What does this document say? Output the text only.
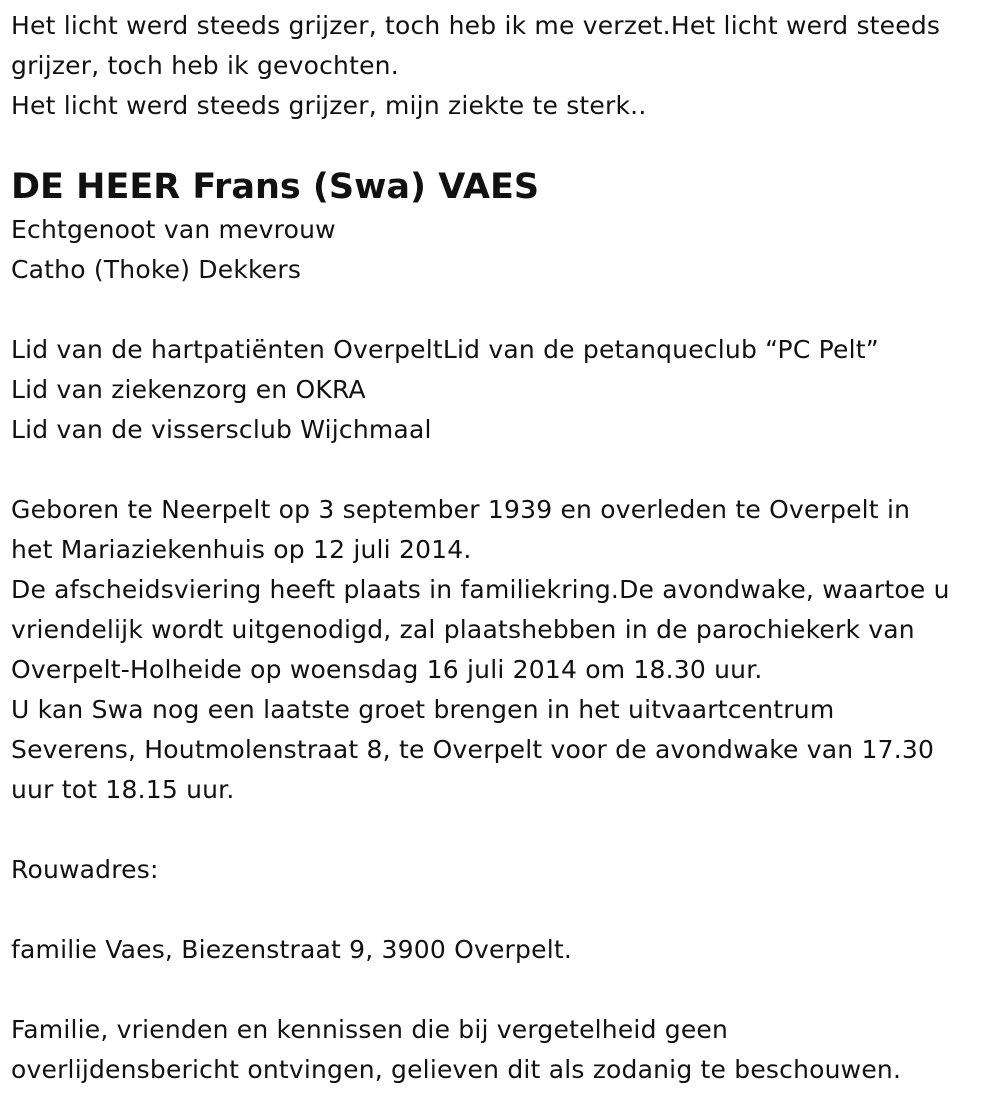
Het licht werd steeds grijzer, toch heb ik me verzet.Het licht werd steeds
grijzer, toch heb ik gevochten.
Het licht werd steeds grijzer, mijn ziekte te sterk..
DE HEER Frans (Swa) VAES
Echtgenoot van mevrouw
Catho (Thoke) Dekkers
Lid van de hartpatiënten OverpeltLid van de petanqueclub “PC Pelt”
Lid van ziekenzorg en OKRA
Lid van de vissersclub Wijchmaal
Geboren te Neerpelt op 3 september 1939 en overleden te Overpelt in
het Mariaziekenhuis op 12 juli 2014.
De afscheidsviering heeft plaats in familiekring.De avondwake, waartoe u
vriendelijk wordt uitgenodigd, zal plaatshebben in de parochiekerk van
Overpelt-Holheide op woensdag 16 juli 2014 om 18.30 uur.
U kan Swa nog een laatste groet brengen in het uitvaartcentrum
Severens, Houtmolenstraat 8, te Overpelt voor de avondwake van 17.30
uur tot 18.15 uur.
Rouwadres:
familie Vaes, Biezenstraat 9, 3900 Overpelt.
Familie, vrienden en kennissen die bij vergetelheid geen
overlijdensbericht ontvingen, gelieven dit als zodanig te beschouwen.
